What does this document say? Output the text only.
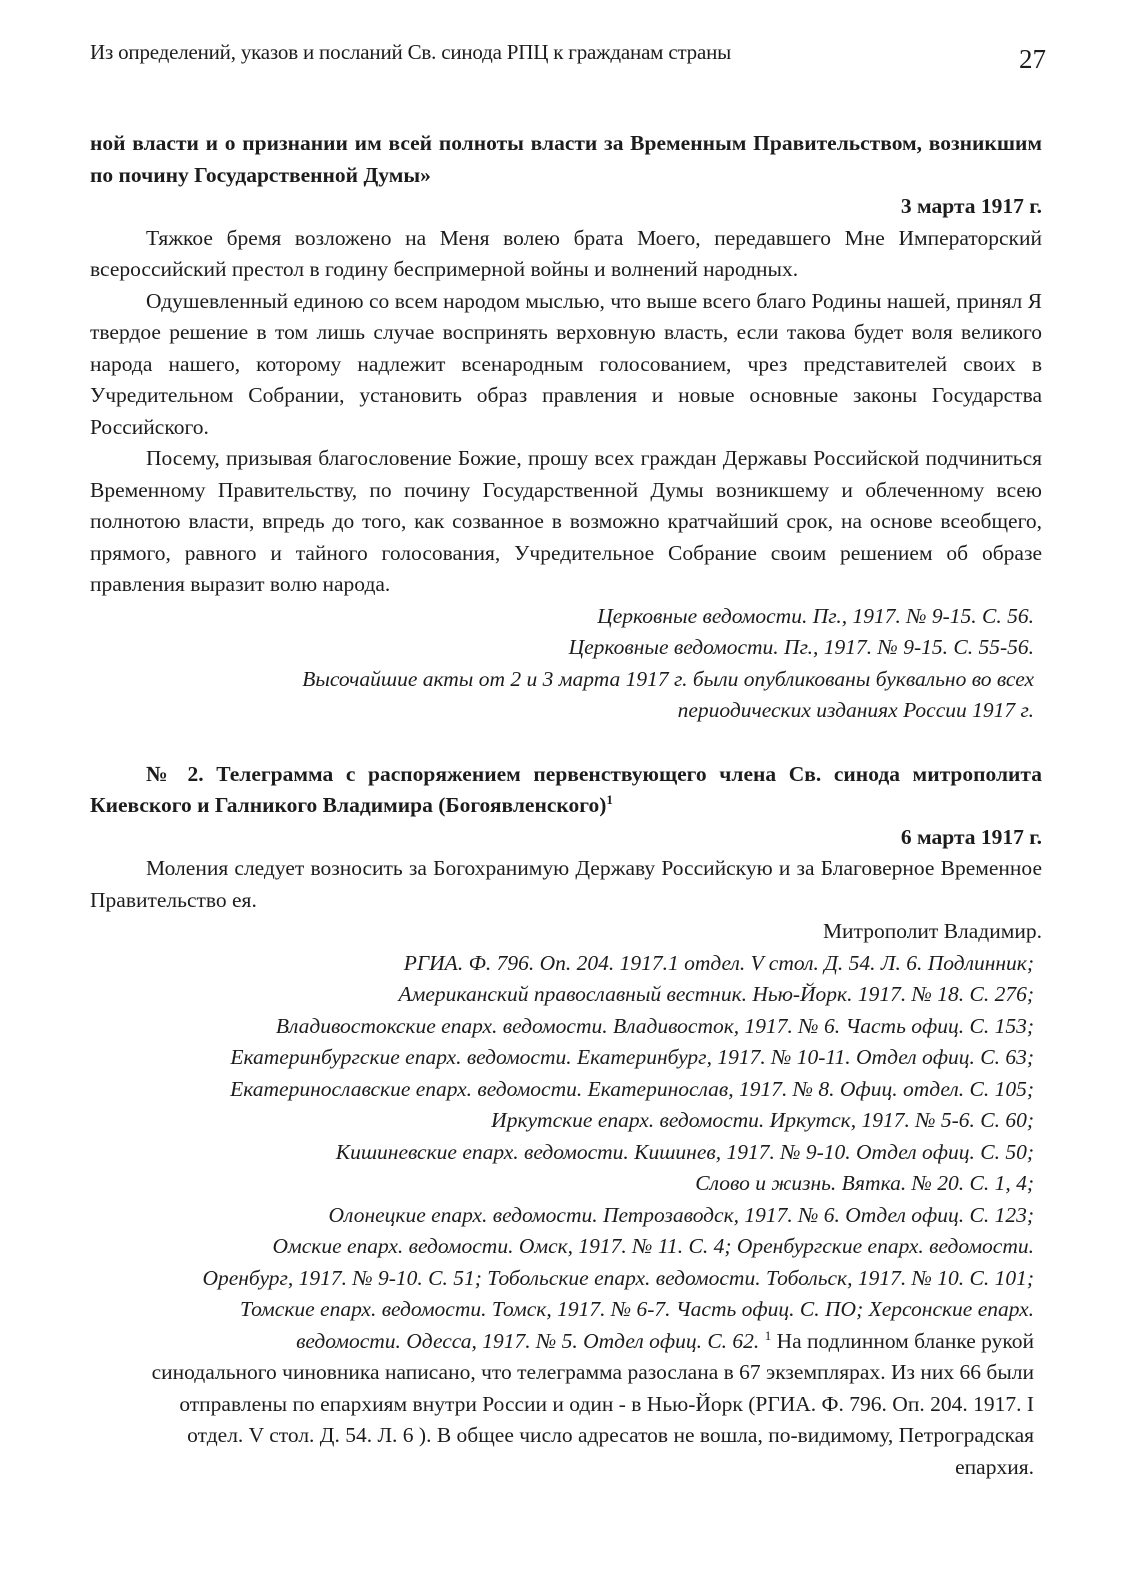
Из определений, указов и посланий Св. синода РПЦ к гражданам страны	27

ной власти и о признании им всей полноты власти за Временным Правительством, возникшим по почину Государственной Думы»

3 марта 1917 г.

Тяжкое бремя возложено на Меня волею брата Моего, передавшего Мне Императорский всероссийский престол в годину беспримерной войны и волнений народных.

Одушевленный единою со всем народом мыслью, что выше всего благо Родины нашей, принял Я твердое решение в том лишь случае воспринять верховную власть, если такова будет воля великого народа нашего, которому надлежит всенародным голосованием, чрез представителей своих в Учредительном Собрании, установить образ правления и новые основные законы Государства Российского.

Посему, призывая благословение Божие, прошу всех граждан Державы Российской подчиниться Временному Правительству, по почину Государственной Думы возникшему и облеченному всею полнотою власти, впредь до того, как созванное в возможно кратчайший срок, на основе всеобщего, прямого, равного и тайного голосования, Учредительное Собрание своим решением об образе правления выразит волю народа.

Церковные ведомости. Пг., 1917. № 9-15. С. 56.

Церковные ведомости. Пг., 1917. № 9-15. С. 55-56.

Высочайшие акты от 2 и 3 марта 1917 г. были опубликованы буквально во всех

периодических изданиях России 1917 г.

№ 2. Телеграмма с распоряжением первенствующего члена Св. синода митрополита Киевского и Галникого Владимира (Богоявленского)$^1$

6 марта 1917 г.

Моления следует возносить за Богохранимую Державу Российскую и за Благоверное Временное Правительство ея.

Митрополит Владимир.

РГИА. Ф. 796. Оп. 204. 1917.1 отдел. V стол. Д. 54. Л. 6. Подлинник;
Американский православный вестник. Нью-Йорк. 1917. № 18. С. 276;
Владивостокские епарх. ведомости. Владивосток, 1917. № 6. Часть офиц. С. 153;
Екатеринбургские епарх. ведомости. Екатеринбург, 1917. № 10-11. Отдел офиц. С. 63;
Екатеринославские епарх. ведомости. Екатеринослав, 1917. № 8. Офиц. отдел. С. 105;
Иркутские епарх. ведомости. Иркутск, 1917. № 5-6. С. 60;
Кишиневские епарх. ведомости. Кишинев, 1917. № 9-10. Отдел офиц. С. 50;
Слово и жизнь. Вятка. № 20. С. 1, 4;
Олонецкие епарх. ведомости. Петрозаводск, 1917. № 6. Отдел офиц. С. 123;
Омские епарх. ведомости. Омск, 1917. № 11. С. 4; Оренбургские епарх. ведомости.
Оренбург, 1917. № 9-10. С. 51; Тобольские епарх. ведомости. Тобольск, 1917. № 10. С. 101;
Томские епарх. ведомости. Томск, 1917. № 6-7. Часть офиц. С. ПО; Херсонские епарх.

ведомости. Одесса, 1917. № 5. Отдел офиц. С. 62. $^1$ На подлинном бланке рукой

синодального чиновника написано, что телеграмма разослана в 67 экземплярах. Из них 66 были

отправлены по епархиям внутри России и один - в Нью-Йорк (РГИА. Ф. 796. Оп. 204. 1917. I

отдел. V стол. Д. 54. Л. 6 ). В общее число адресатов не вошла, по-видимому, Петроградская

епархия.
